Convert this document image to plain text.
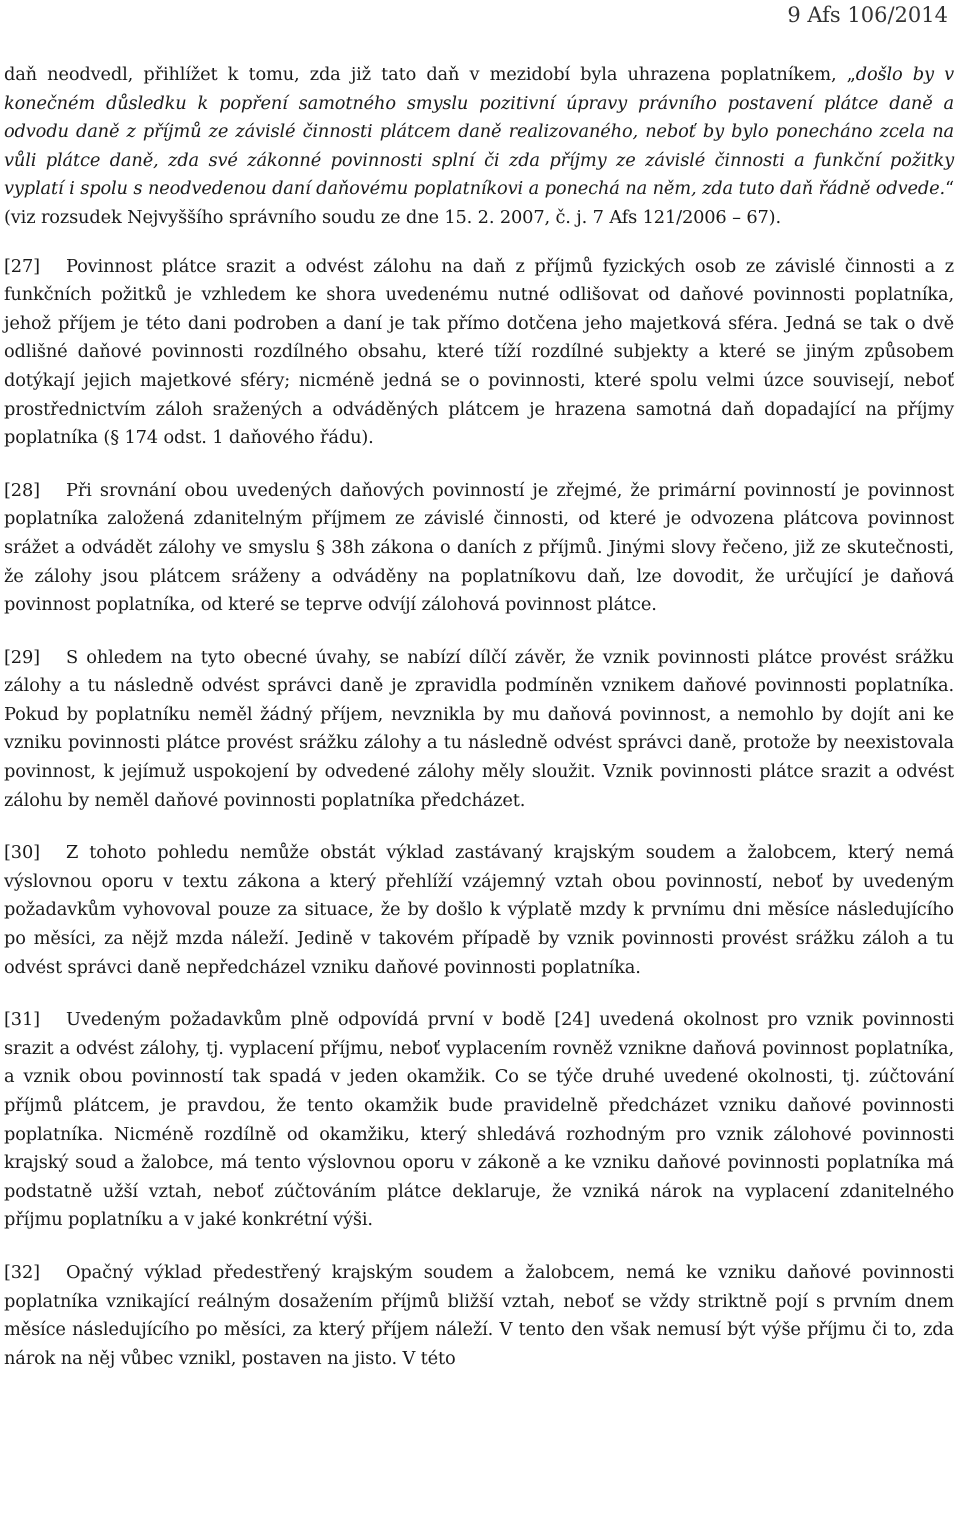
9 Afs 106/2014

daň neodvedl, přihlížet k tomu, zda již tato daň v mezidobí byla uhrazena poplatníkem, „došlo by v konečném důsledku k popření samotného smyslu pozitivní úpravy právního postavení plátce daně a odvodu daně z příjmů ze závislé činnosti plátcem daně realizovaného, neboť by bylo ponecháno zcela na vůli plátce daně, zda své zákonné povinnosti splní či zda příjmy ze závislé činnosti a funkční požitky vyplatí i spolu s neodvedenou daní daňovému poplatníkovi a ponechá na něm, zda tuto daň řádně odvede.“ (viz rozsudek Nejvyššího správního soudu ze dne 15. 2. 2007, č. j. 7 Afs 121/2006 – 67).

[27] Povinnost plátce srazit a odvést zálohu na daň z příjmů fyzických osob ze závislé činnosti a z funkčních požitků je vzhledem ke shora uvedenému nutné odlišovat od daňové povinnosti poplatníka, jehož příjem je této dani podroben a daní je tak přímo dotčena jeho majetková sféra. Jedná se tak o dvě odlišné daňové povinnosti rozdílného obsahu, které tíží rozdílné subjekty a které se jiným způsobem dotýkají jejich majetkové sféry; nicméně jedná se o povinnosti, které spolu velmi úzce souvisejí, neboť prostřednictvím záloh sražených a odváděných plátcem je hrazena samotná daň dopadající na příjmy poplatníka (§ 174 odst. 1 daňového řádu).

[28] Při srovnání obou uvedených daňových povinností je zřejmé, že primární povinností je povinnost poplatníka založená zdanitelným příjmem ze závislé činnosti, od které je odvozena plátcova povinnost srážet a odvádět zálohy ve smyslu § 38h zákona o daních z příjmů. Jinými slovy řečeno, již ze skutečnosti, že zálohy jsou plátcem sráženy a odváděny na poplatníkovu daň, lze dovodit, že určující je daňová povinnost poplatníka, od které se teprve odvíjí zálohová povinnost plátce.

[29] S ohledem na tyto obecné úvahy, se nabízí dílčí závěr, že vznik povinnosti plátce provést srážku zálohy a tu následně odvést správci daně je zpravidla podmíněn vznikem daňové povinnosti poplatníka. Pokud by poplatníku neměl žádný příjem, nevznikla by mu daňová povinnost, a nemohlo by dojít ani ke vzniku povinnosti plátce provést srážku zálohy a tu následně odvést správci daně, protože by neexistovala povinnost, k jejímuž uspokojení by odvedené zálohy měly sloužit. Vznik povinnosti plátce srazit a odvést zálohu by neměl daňové povinnosti poplatníka předcházet.

[30] Z tohoto pohledu nemůže obstát výklad zastávaný krajským soudem a žalobcem, který nemá výslovnou oporu v textu zákona a který přehlíží vzájemný vztah obou povinností, neboť by uvedeným požadavkům vyhovoval pouze za situace, že by došlo k výplatě mzdy k prvnímu dni měsíce následujícího po měsíci, za nějž mzda náleží. Jedině v takovém případě by vznik povinnosti provést srážku záloh a tu odvést správci daně nepředcházel vzniku daňové povinnosti poplatníka.

[31] Uvedeným požadavkům plně odpovídá první v bodě [24] uvedená okolnost pro vznik povinnosti srazit a odvést zálohy, tj. vyplacení příjmu, neboť vyplacením rovněž vznikne daňová povinnost poplatníka, a vznik obou povinností tak spadá v jeden okamžik. Co se týče druhé uvedené okolnosti, tj. zúčtování příjmů plátcem, je pravdou, že tento okamžik bude pravidelně předcházet vzniku daňové povinnosti poplatníka. Nicméně rozdílně od okamžiku, který shledává rozhodným pro vznik zálohové povinnosti krajský soud a žalobce, má tento výslovnou oporu v zákoně a ke vzniku daňové povinnosti poplatníka má podstatně užší vztah, neboť zúčtováním plátce deklaruje, že vzniká nárok na vyplacení zdanitelného příjmu poplatníku a v jaké konkrétní výši.

[32] Opačný výklad předestřený krajským soudem a žalobcem, nemá ke vzniku daňové povinnosti poplatníka vznikající reálným dosažením příjmů bližší vztah, neboť se vždy striktně pojí s prvním dnem měsíce následujícího po měsíci, za který příjem náleží. V tento den však nemusí být výše příjmu či to, zda nárok na něj vůbec vznikl, postaven na jisto. V této
